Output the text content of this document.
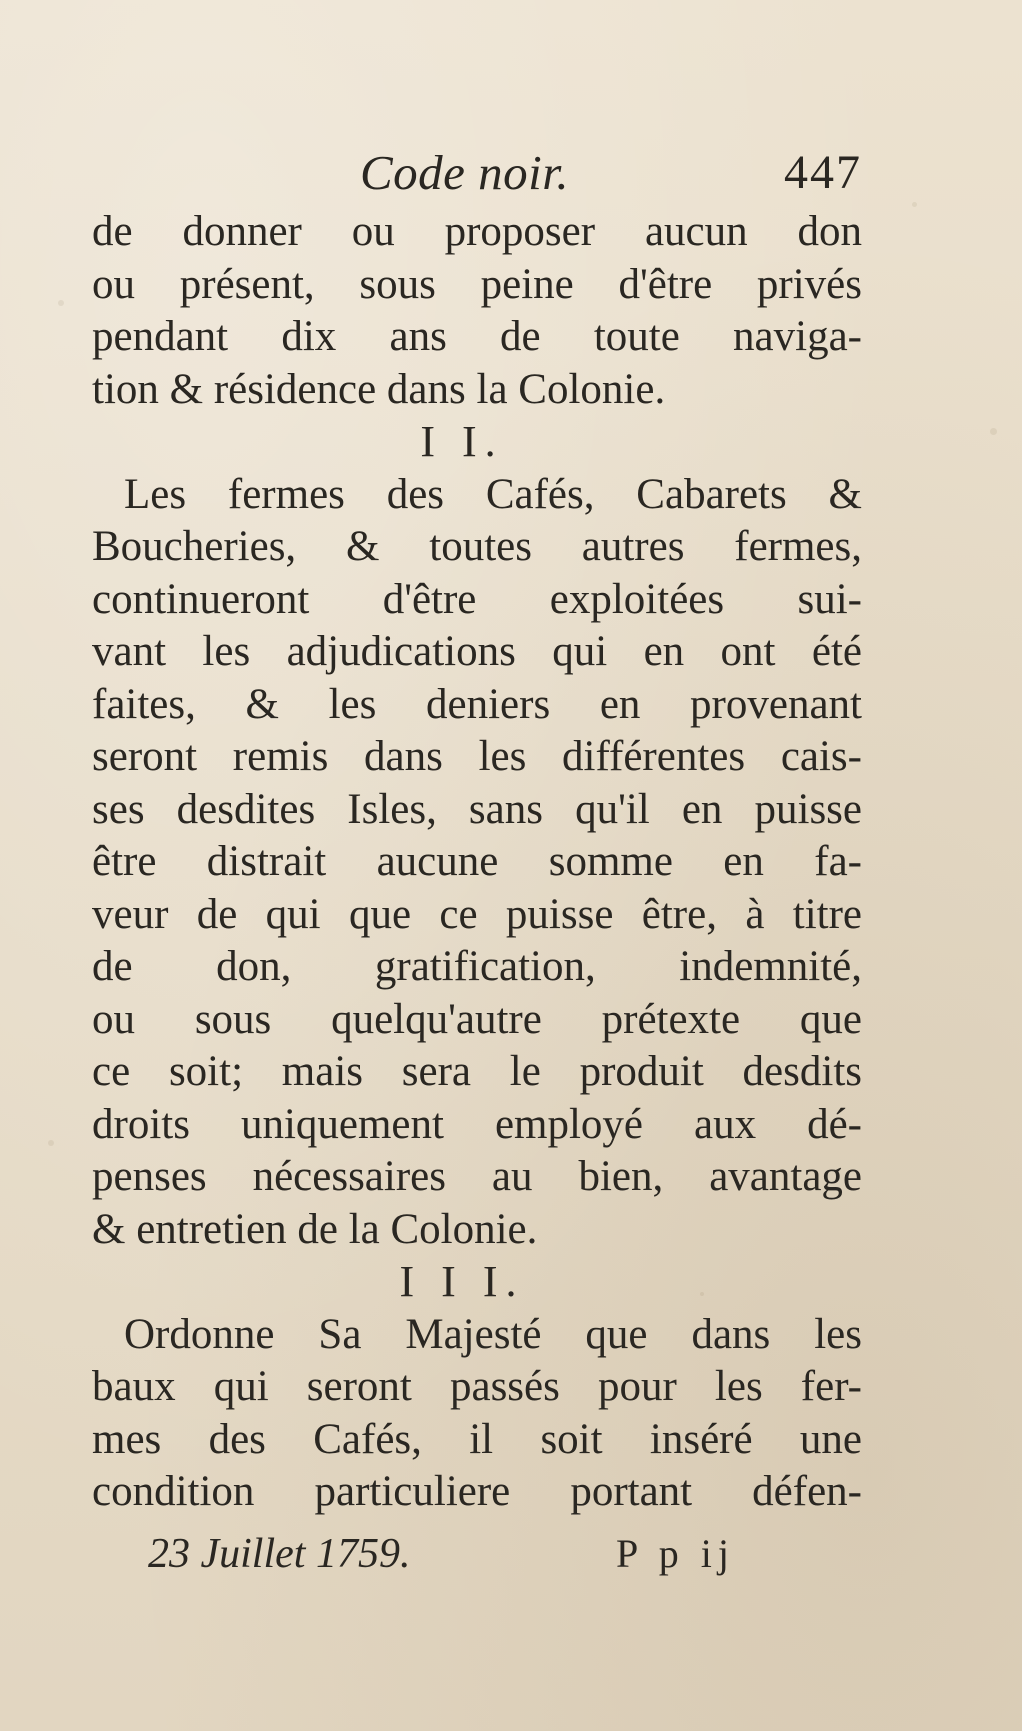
Code noir.	447
de donner ou proposer aucun don
ou présent, sous peine d'être privés
pendant dix ans de toute naviga-
tion & résidence dans la Colonie.
I I.
Les fermes des Cafés, Cabarets &
Boucheries, & toutes autres fermes,
continueront d'être exploitées sui-
vant les adjudications qui en ont été
faites, & les deniers en provenant
seront remis dans les différentes cais-
ses desdites Isles, sans qu'il en puisse
être distrait aucune somme en fa-
veur de qui que ce puisse être, à titre
de don, gratification, indemnité,
ou sous quelqu'autre prétexte que
ce soit; mais sera le produit desdits
droits uniquement employé aux dé-
penses nécessaires au bien, avantage
& entretien de la Colonie.
I I I.
Ordonne Sa Majesté que dans les
baux qui seront passés pour les fer-
mes des Cafés, il soit inséré une
condition particuliere portant défen-
23 Juillet 1759.	P p ij
